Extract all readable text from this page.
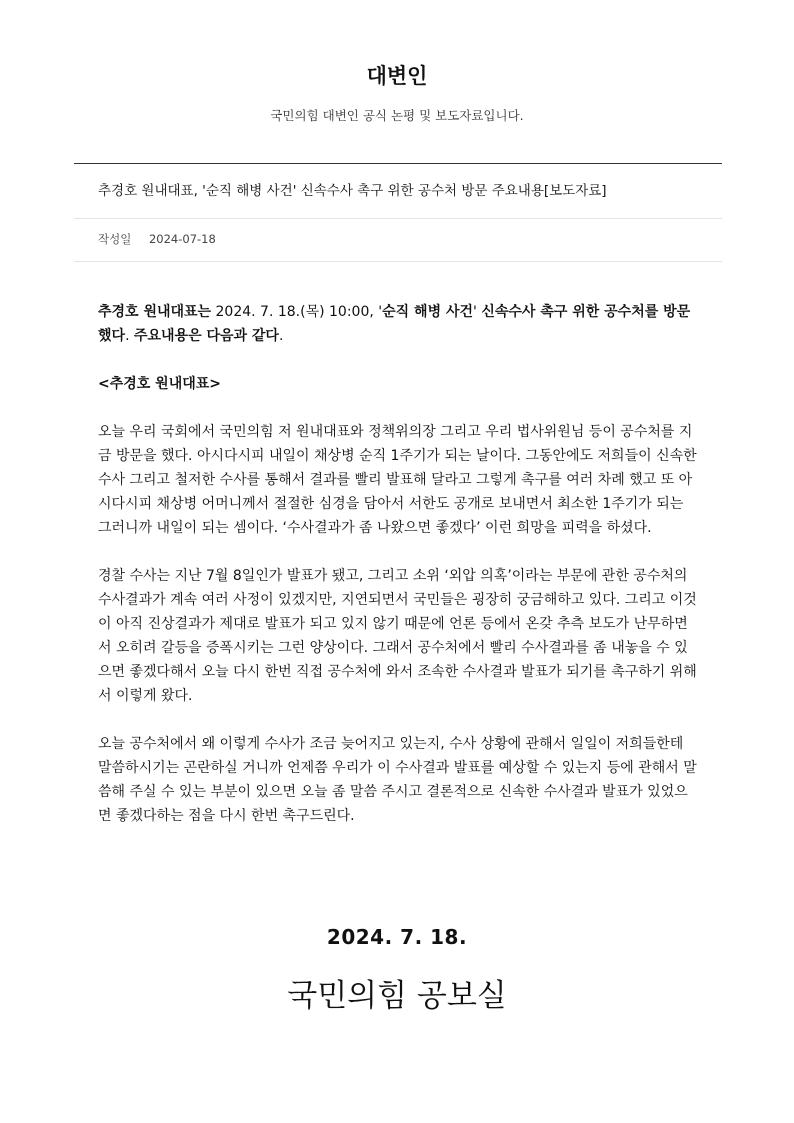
대변인
국민의힘 대변인 공식 논평 및 보도자료입니다.
추경호 원내대표, '순직 해병 사건' 신속수사 촉구 위한 공수처 방문 주요내용[보도자료]
작성일 2024-07-18

추경호 원내대표는 2024. 7. 18.(목) 10:00, '순직 해병 사건' 신속수사 촉구 위한 공수처를 방문했다. 주요내용은 다음과 같다.

<추경호 원내대표>

오늘 우리 국회에서 국민의힘 저 원내대표와 정책위의장 그리고 우리 법사위원님 등이 공수처를 지금 방문을 했다. 아시다시피 내일이 채상병 순직 1주기가 되는 날이다. 그동안에도 저희들이 신속한 수사 그리고 철저한 수사를 통해서 결과를 빨리 발표해 달라고 그렇게 촉구를 여러 차례 했고 또 아시다시피 채상병 어머니께서 절절한 심경을 담아서 서한도 공개로 보내면서 최소한 1주기가 되는 그러니까 내일이 되는 셈이다. ‘수사결과가 좀 나왔으면 좋겠다’ 이런 희망을 피력을 하셨다.

경찰 수사는 지난 7월 8일인가 발표가 됐고, 그리고 소위 ‘외압 의혹’이라는 부문에 관한 공수처의 수사결과가 계속 여러 사정이 있겠지만, 지연되면서 국민들은 굉장히 궁금해하고 있다. 그리고 이것이 아직 진상결과가 제대로 발표가 되고 있지 않기 때문에 언론 등에서 온갖 추측 보도가 난무하면서 오히려 갈등을 증폭시키는 그런 양상이다. 그래서 공수처에서 빨리 수사결과를 좀 내놓을 수 있으면 좋겠다해서 오늘 다시 한번 직접 공수처에 와서 조속한 수사결과 발표가 되기를 촉구하기 위해서 이렇게 왔다.

오늘 공수처에서 왜 이렇게 수사가 조금 늦어지고 있는지, 수사 상황에 관해서 일일이 저희들한테 말씀하시기는 곤란하실 거니까 언제쯤 우리가 이 수사결과 발표를 예상할 수 있는지 등에 관해서 말씀해 주실 수 있는 부분이 있으면 오늘 좀 말씀 주시고 결론적으로 신속한 수사결과 발표가 있었으면 좋겠다하는 점을 다시 한번 촉구드린다.

2024. 7. 18.
국민의힘 공보실
